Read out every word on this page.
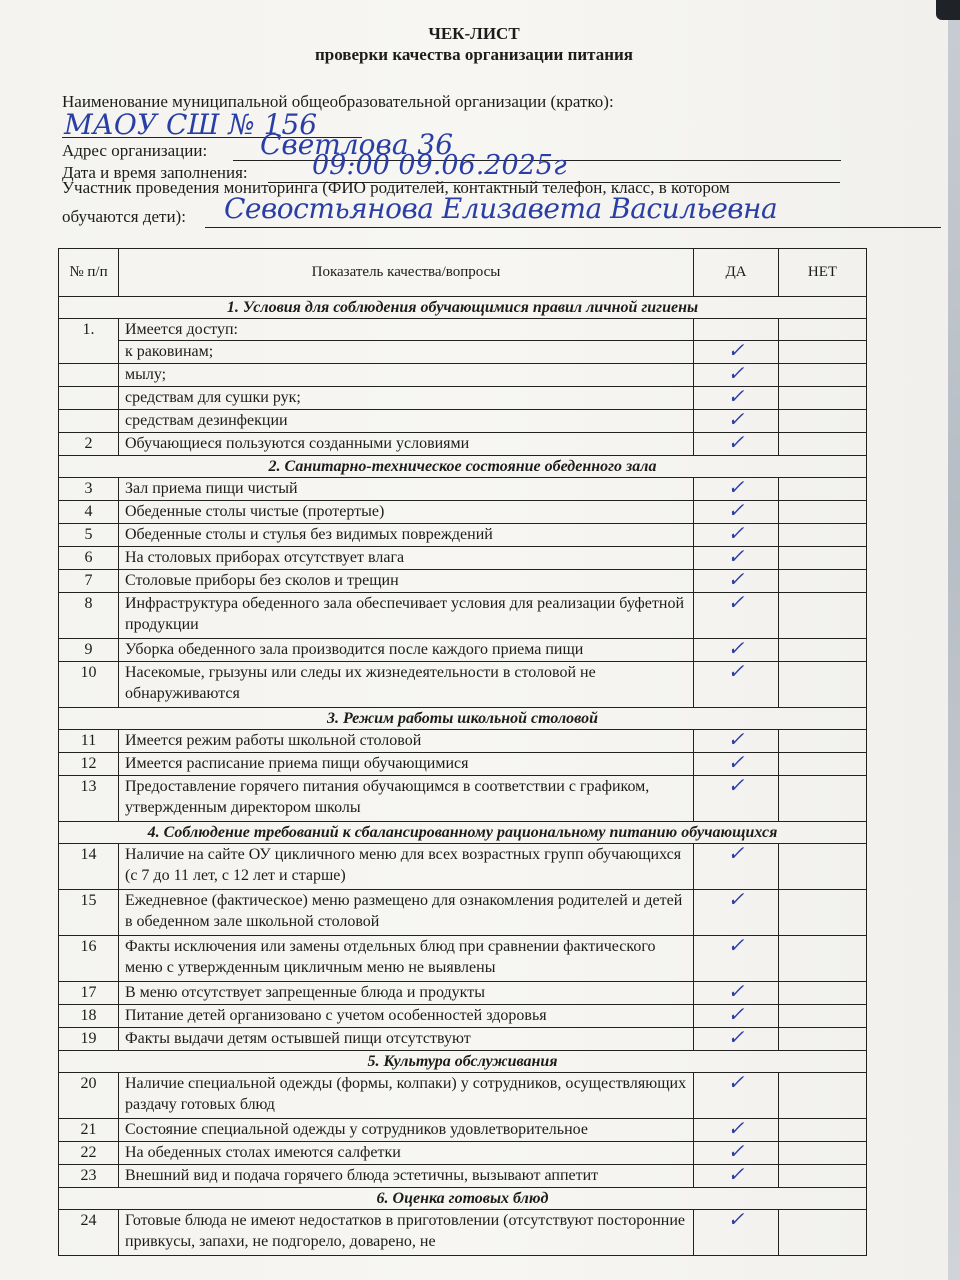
ЧЕК-ЛИСТ
проверки качества организации питания
Наименование муниципальной общеобразовательной организации (кратко):
МАОУ СШ № 156
Адрес организации: Светлова 36
Дата и время заполнения: 09:00 09.06.2025г
Участник проведения мониторинга (ФИО родителей, контактный телефон, класс, в котором
обучаются дети): Севостьянова Елизавета Васильевна
№ п/п	Показатель качества/вопросы	ДА	НЕТ
1. Условия для соблюдения обучающимися правил личной гигиены			
1.	Имеется доступ:		
	к раковинам;	✓	
	мылу;	✓	
	средствам для сушки рук;	✓	
	средствам дезинфекции	✓	
2	Обучающиеся пользуются созданными условиями	✓	
2. Санитарно-техническое состояние обеденного зала			
3	Зал приема пищи чистый	✓	
4	Обеденные столы чистые (протертые)	✓	
5	Обеденные столы и стулья без видимых повреждений	✓	
6	На столовых приборах отсутствует влага	✓	
7	Столовые приборы без сколов и трещин	✓	
8	Инфраструктура обеденного зала обеспечивает условия для реализации буфетной продукции	✓	
9	Уборка обеденного зала производится после каждого приема пищи	✓	
10	Насекомые, грызуны или следы их жизнедеятельности в столовой не обнаруживаются	✓	
3. Режим работы школьной столовой			
11	Имеется режим работы школьной столовой	✓	
12	Имеется расписание приема пищи обучающимися	✓	
13	Предоставление горячего питания обучающимся в соответствии с графиком, утвержденным директором школы	✓	
4. Соблюдение требований к сбалансированному рациональному питанию обучающихся			
14	Наличие на сайте ОУ цикличного меню для всех возрастных групп обучающихся (с 7 до 11 лет, с 12 лет и старше)	✓	
15	Ежедневное (фактическое) меню размещено для ознакомления родителей и детей в обеденном зале школьной столовой	✓	
16	Факты исключения или замены отдельных блюд при сравнении фактического меню с утвержденным цикличным меню не выявлены	✓	
17	В меню отсутствует запрещенные блюда и продукты	✓	
18	Питание детей организовано с учетом особенностей здоровья	✓	
19	Факты выдачи детям остывшей пищи отсутствуют	✓	
5. Культура обслуживания			
20	Наличие специальной одежды (формы, колпаки) у сотрудников, осуществляющих раздачу готовых блюд	✓	
21	Состояние специальной одежды у сотрудников удовлетворительное	✓	
22	На обеденных столах имеются салфетки	✓	
23	Внешний вид и подача горячего блюда эстетичны, вызывают аппетит	✓	
6. Оценка готовых блюд			
24	Готовые блюда не имеют недостатков в приготовлении (отсутствуют посторонние привкусы, запахи, не подгорело, доварено, не	✓	
